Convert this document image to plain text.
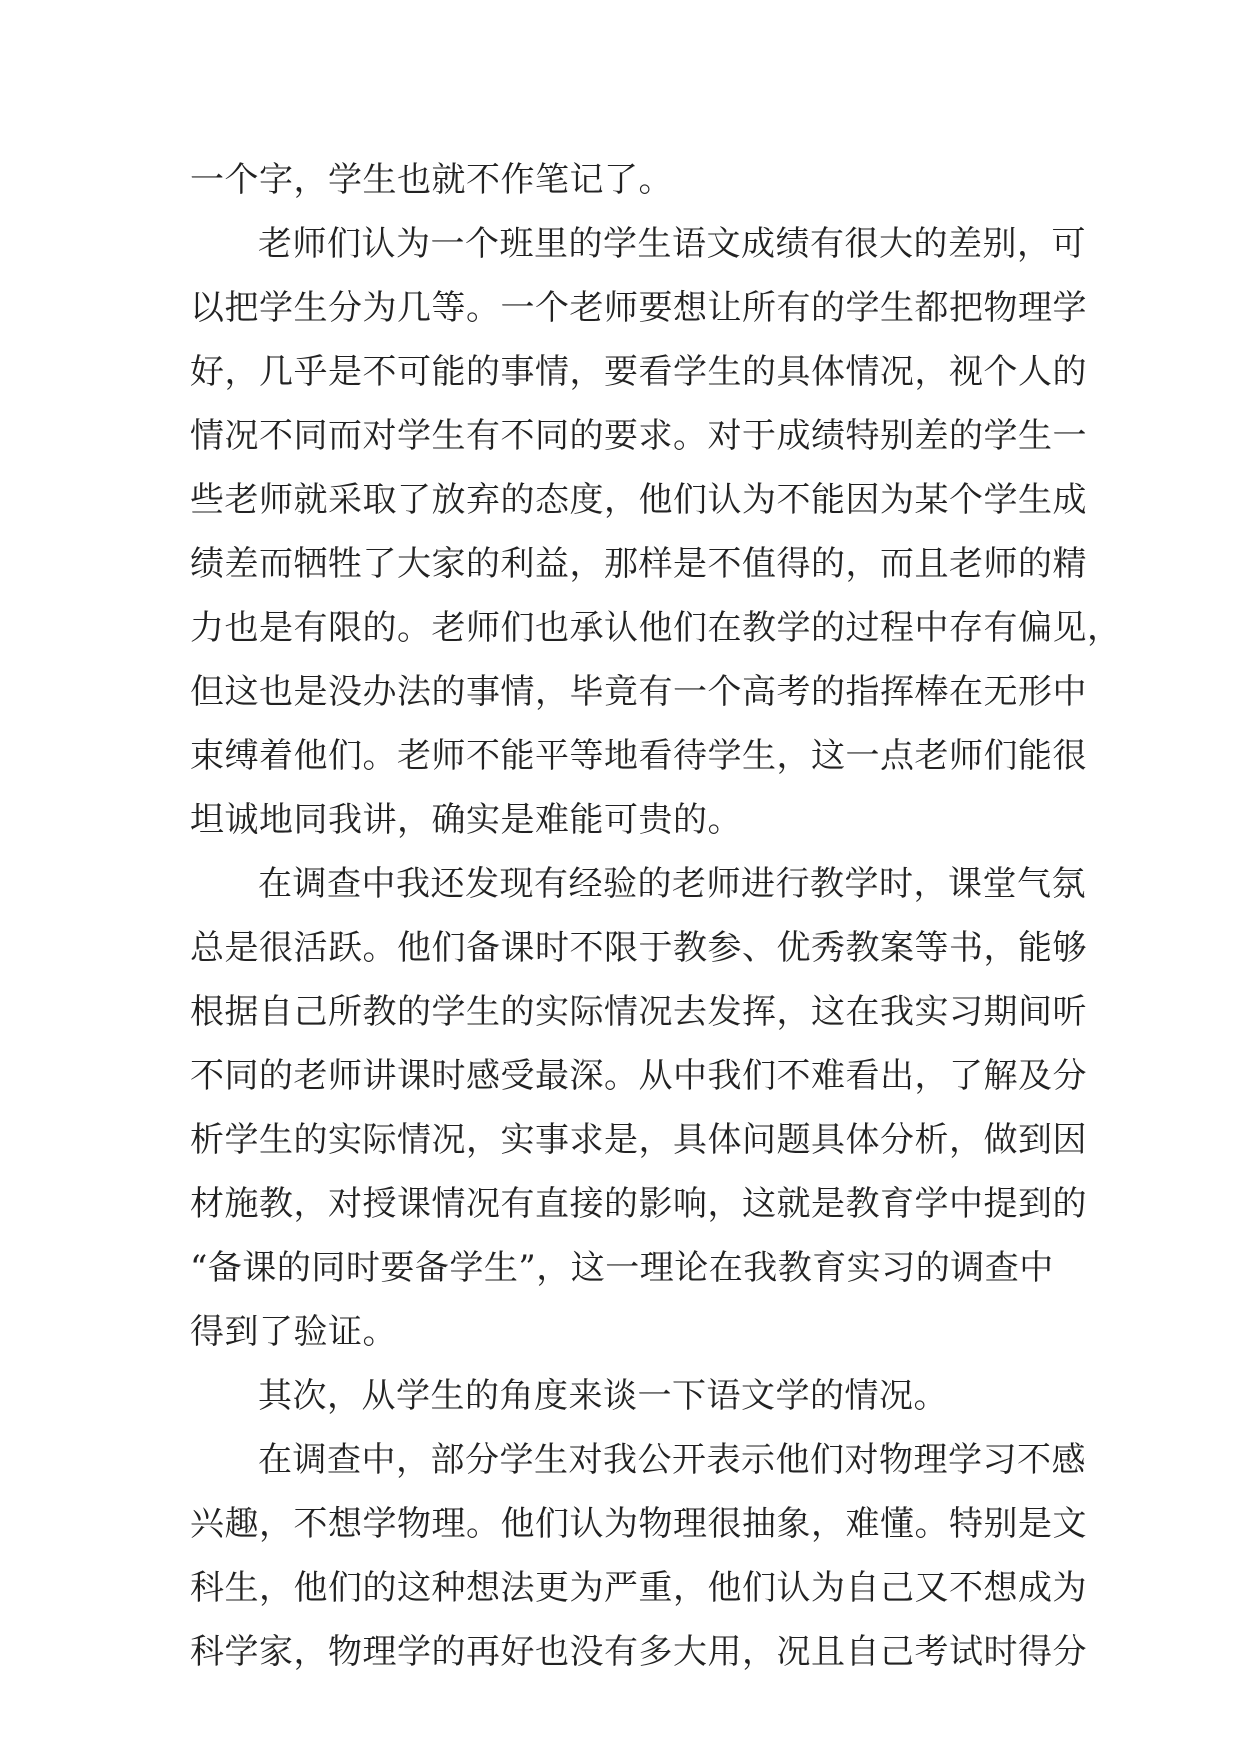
一个字，学生也就不作笔记了。
老师们认为一个班里的学生语文成绩有很大的差别，可
以把学生分为几等。一个老师要想让所有的学生都把物理学
好，几乎是不可能的事情，要看学生的具体情况，视个人的
情况不同而对学生有不同的要求。对于成绩特别差的学生一
些老师就采取了放弃的态度，他们认为不能因为某个学生成
绩差而牺牲了大家的利益，那样是不值得的，而且老师的精
力也是有限的。老师们也承认他们在教学的过程中存有偏见，
但这也是没办法的事情，毕竟有一个高考的指挥棒在无形中
束缚着他们。老师不能平等地看待学生，这一点老师们能很
坦诚地同我讲，确实是难能可贵的。
在调查中我还发现有经验的老师进行教学时，课堂气氛
总是很活跃。他们备课时不限于教参、优秀教案等书，能够
根据自己所教的学生的实际情况去发挥，这在我实习期间听
不同的老师讲课时感受最深。从中我们不难看出，了解及分
析学生的实际情况，实事求是，具体问题具体分析，做到因
材施教，对授课情况有直接的影响，这就是教育学中提到的
“备课的同时要备学生”，这一理论在我教育实习的调查中
得到了验证。
其次，从学生的角度来谈一下语文学的情况。
在调查中，部分学生对我公开表示他们对物理学习不感
兴趣，不想学物理。他们认为物理很抽象，难懂。特别是文
科生，他们的这种想法更为严重，他们认为自己又不想成为
科学家，物理学的再好也没有多大用，况且自己考试时得分
